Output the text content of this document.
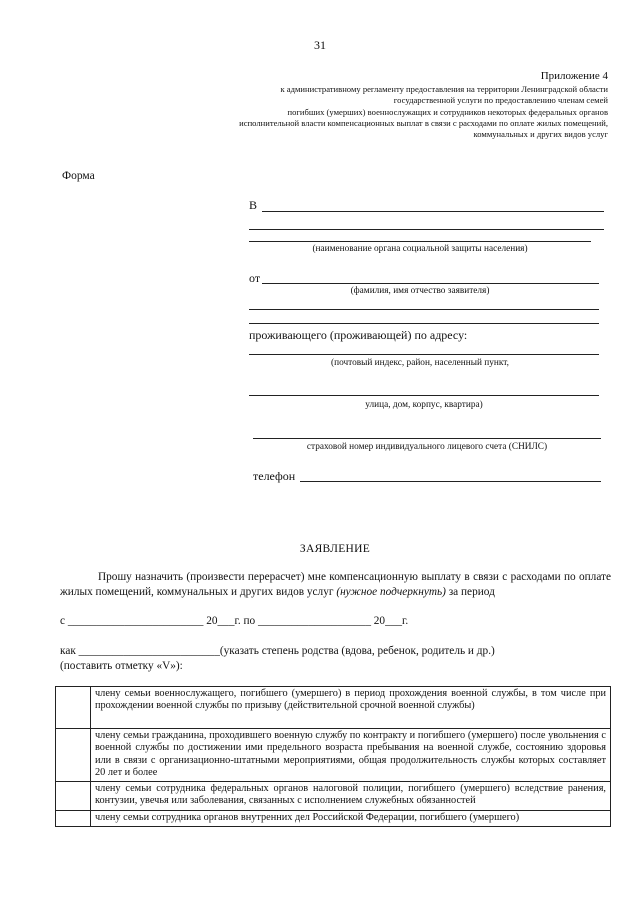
31
Приложение 4
к административному регламенту предоставления на территории Ленинградской области
государственной услуги по предоставлению членам семей
погибших (умерших) военнослужащих и сотрудников некоторых федеральных органов
исполнительной власти компенсационных выплат в связи с расходами по оплате жилых помещений,
коммунальных и других видов услуг
Форма
В
(наименование органа социальной защиты населения)
от
(фамилия, имя отчество заявителя)
проживающего (проживающей) по адресу:
(почтовый индекс, район, населенный пункт,
улица, дом, корпус, квартира)
страховой номер индивидуального лицевого счета (СНИЛС)
телефон
ЗАЯВЛЕНИЕ
Прошу назначить (произвести перерасчет) мне компенсационную выплату в связи с расходами по оплате жилых помещений, коммунальных и других видов услуг (нужное подчеркнуть) за период
с ________________________ 20___г. по ____________________ 20___г.
как _________________________(указать степень родства (вдова, ребенок, родитель и др.)
(поставить отметку «V»):
	члену семьи военнослужащего, погибшего (умершего) в период прохождения военной службы, в том числе при прохождении военной службы по призыву (действительной срочной военной службы)
	члену семьи гражданина, проходившего военную службу по контракту и погибшего (умершего) после увольнения с военной службы по достижении ими предельного возраста пребывания на военной службе, состоянию здоровья или в связи с организационно-штатными мероприятиями, общая продолжительность службы которых составляет 20 лет и более
	члену семьи сотрудника федеральных органов налоговой полиции, погибшего (умершего) вследствие ранения, контузии, увечья или заболевания, связанных с исполнением служебных обязанностей
	члену семьи сотрудника органов внутренних дел Российской Федерации, погибшего (умершего)
